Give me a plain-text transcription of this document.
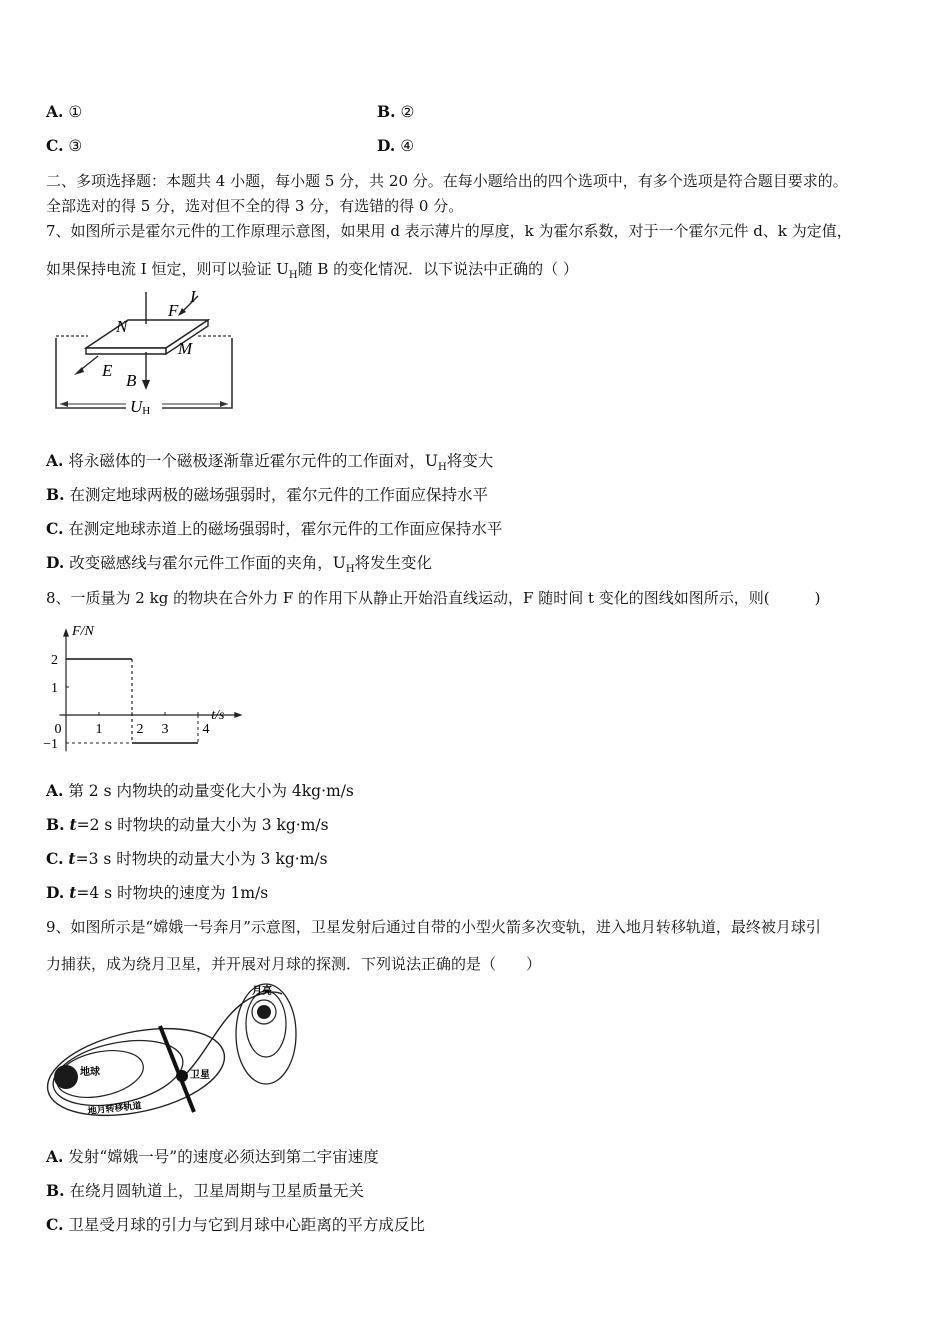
A. ①	B. ②
C. ③	D. ④
二、多项选择题：本题共 4 小题，每小题 5 分，共 20 分。在每小题给出的四个选项中，有多个选项是符合题目要求的。
全部选对的得 5 分，选对但不全的得 3 分，有选错的得 0 分。
7、如图所示是霍尔元件的工作原理示意图，如果用 d 表示薄片的厚度，k 为霍尔系数，对于一个霍尔元件 d、k 为定值，
如果保持电流 I 恒定，则可以验证 $U_H$随 B 的变化情况．以下说法中正确的（ ）
N
F
I
M
E
B
UH
A. 将永磁体的一个磁极逐渐靠近霍尔元件的工作面对，$U_H$将变大
B. 在测定地球两极的磁场强弱时，霍尔元件的工作面应保持水平
C. 在测定地球赤道上的磁场强弱时，霍尔元件的工作面应保持水平
D. 改变磁感线与霍尔元件工作面的夹角，$U_H$将发生变化
8、一质量为 2 kg 的物块在合外力 F 的作用下从静止开始沿直线运动，F 随时间 t 变化的图线如图所示，则(　　　)
F/N
t/s
0 1 2 3 4
2
1
−1
A. 第 2 s 内物块的动量变化大小为 4kg·m/s
B. t=2 s 时物块的动量大小为 3 kg·m/s
C. t=3 s 时物块的动量大小为 3 kg·m/s
D. t=4 s 时物块的速度为 1m/s
9、如图所示是“嫦娥一号奔月”示意图，卫星发射后通过自带的小型火箭多次变轨，进入地月转移轨道，最终被月球引
力捕获，成为绕月卫星，并开展对月球的探测．下列说法正确的是（　　）
地球
月亮
卫星
地月转移轨道
A. 发射“嫦娥一号”的速度必须达到第二宇宙速度
B. 在绕月圆轨道上，卫星周期与卫星质量无关
C. 卫星受月球的引力与它到月球中心距离的平方成反比
